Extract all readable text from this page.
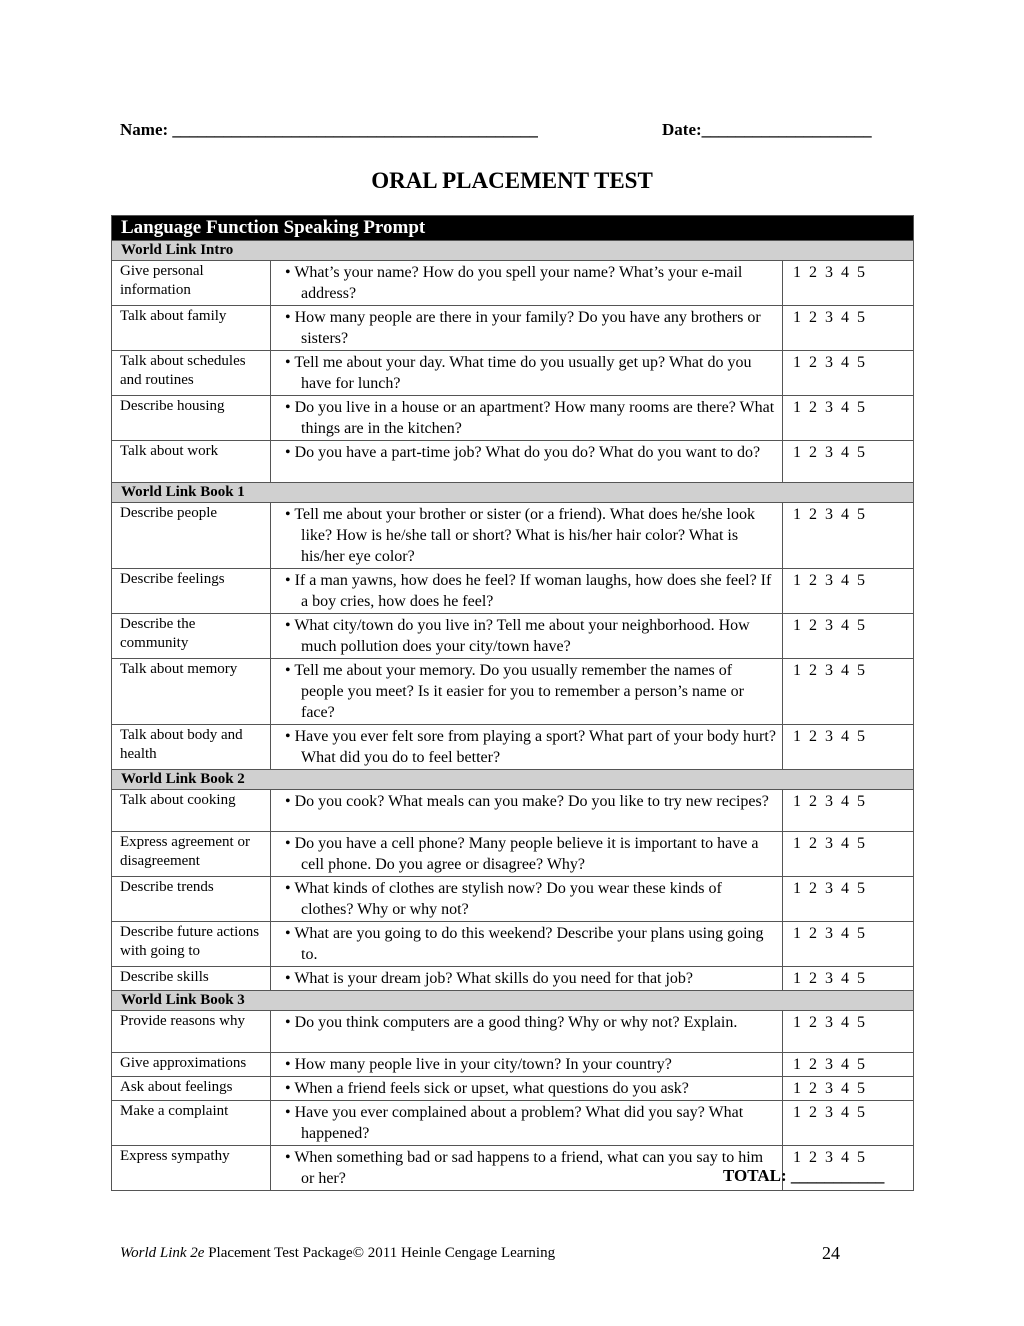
Name: ___________________________________________	Date:____________________
ORAL PLACEMENT TEST
Language Function Speaking Prompt		
World Link Intro		
Give personal information	• What’s your name? How do you spell your name? What’s your e-mail address?	1 2 3 4 5
Talk about family	• How many people are there in your family? Do you have any brothers or sisters?	1 2 3 4 5
Talk about schedules and routines	• Tell me about your day. What time do you usually get up? What do you have for lunch?	1 2 3 4 5
Describe housing	• Do you live in a house or an apartment? How many rooms are there? What things are in the kitchen?	1 2 3 4 5
Talk about work	• Do you have a part-time job? What do you do? What do you want to do?	1 2 3 4 5
World Link Book 1		
Describe people	• Tell me about your brother or sister (or a friend). What does he/she look like? How is he/she tall or short? What is his/her hair color? What is his/her eye color?	1 2 3 4 5
Describe feelings	• If a man yawns, how does he feel? If woman laughs, how does she feel? If a boy cries, how does he feel?	1 2 3 4 5
Describe the community	• What city/town do you live in? Tell me about your neighborhood. How much pollution does your city/town have?	1 2 3 4 5
Talk about memory	• Tell me about your memory. Do you usually remember the names of people you meet? Is it easier for you to remember a person’s name or face?	1 2 3 4 5
Talk about body and health	• Have you ever felt sore from playing a sport? What part of your body hurt? What did you do to feel better?	1 2 3 4 5
World Link Book 2		
Talk about cooking	• Do you cook? What meals can you make? Do you like to try new recipes?	1 2 3 4 5
Express agreement or disagreement	• Do you have a cell phone? Many people believe it is important to have a cell phone. Do you agree or disagree? Why?	1 2 3 4 5
Describe trends	• What kinds of clothes are stylish now? Do you wear these kinds of clothes? Why or why not?	1 2 3 4 5
Describe future actions with going to	• What are you going to do this weekend? Describe your plans using going to.	1 2 3 4 5
Describe skills	• What is your dream job? What skills do you need for that job?	1 2 3 4 5
World Link Book 3		
Provide reasons why	• Do you think computers are a good thing? Why or why not? Explain.	1 2 3 4 5
Give approximations	• How many people live in your city/town? In your country?	1 2 3 4 5
Ask about feelings	• When a friend feels sick or upset, what questions do you ask?	1 2 3 4 5
Make a complaint	• Have you ever complained about a problem? What did you say? What happened?	1 2 3 4 5
Express sympathy	• When something bad or sad happens to a friend, what can you say to him or her?	1 2 3 4 5
TOTAL: ___________
World Link 2e Placement Test Package© 2011 Heinle Cengage Learning	24
